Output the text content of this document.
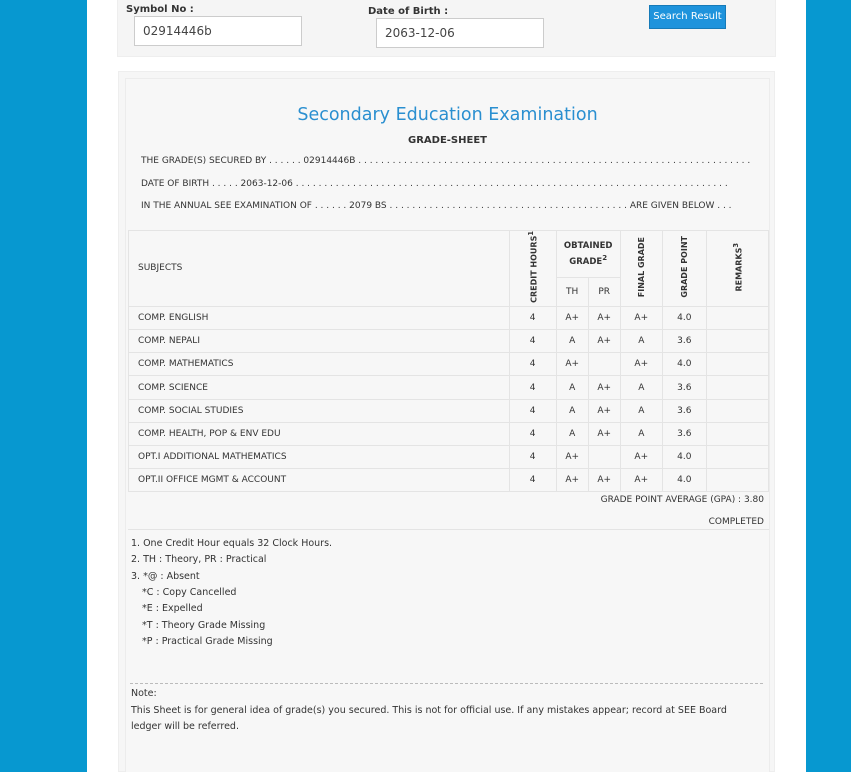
Symbol No :
02914446b
Date of Birth :
2063-12-06
Search Result
Secondary Education Examination
GRADE-SHEET
THE GRADE(S) SECURED BY . . . . . . 02914446B . . . . . . . . . . . . . . . . . . . . . . . . . . . . . . . . . . . . . . . . . . . . . . . . . . . . . . . . . . . . . . . . . . . . .
DATE OF BIRTH . . . . . 2063-12-06 . . . . . . . . . . . . . . . . . . . . . . . . . . . . . . . . . . . . . . . . . . . . . . . . . . . . . . . . . . . . . . . . . . . . . . . . . . . .
IN THE ANNUAL SEE EXAMINATION OF . . . . . . 2079 BS . . . . . . . . . . . . . . . . . . . . . . . . . . . . . . . . . . . . . . . . . . ARE GIVEN BELOW . . .
SUBJECTS	CREDIT HOURS$^1$	OBTAINED GRADE$^2$		FINAL GRADE	GRADE POINT	REMARKS$^3$
		TH	PR			
COMP. ENGLISH	4	A+	A+	A+	4.0	
COMP. NEPALI	4	A	A+	A	3.6	
COMP. MATHEMATICS	4	A+		A+	4.0	
COMP. SCIENCE	4	A	A+	A	3.6	
COMP. SOCIAL STUDIES	4	A	A+	A	3.6	
COMP. HEALTH, POP & ENV EDU	4	A	A+	A	3.6	
OPT.I ADDITIONAL MATHEMATICS	4	A+		A+	4.0	
OPT.II OFFICE MGMT & ACCOUNT	4	A+	A+	A+	4.0	
GRADE POINT AVERAGE (GPA) : 3.80
COMPLETED
1. One Credit Hour equals 32 Clock Hours.
2. TH : Theory, PR : Practical
3. *@ : Absent
*C : Copy Cancelled
*E : Expelled
*T : Theory Grade Missing
*P : Practical Grade Missing
Note:
This Sheet is for general idea of grade(s) you secured. This is not for official use. If any mistakes appear; record at SEE Board ledger will be referred.
